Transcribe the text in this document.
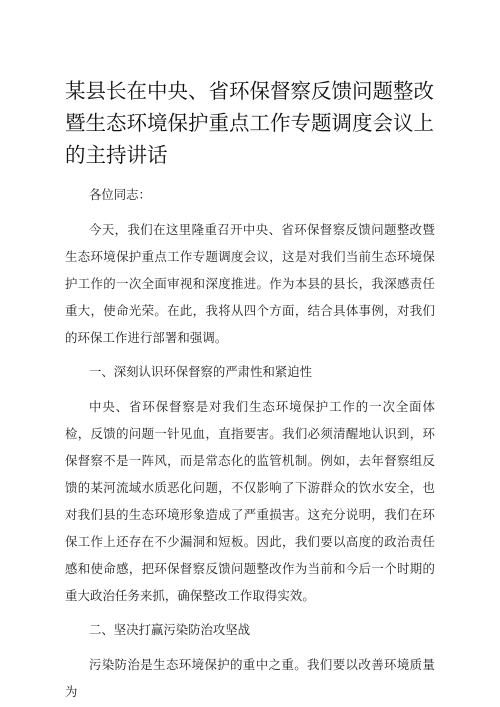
某县长在中央、省环保督察反馈问题整改暨生态环境保护重点工作专题调度会议上的主持讲话

各位同志：

今天，我们在这里隆重召开中央、省环保督察反馈问题整改暨生态环境保护重点工作专题调度会议，这是对我们当前生态环境保护工作的一次全面审视和深度推进。作为本县的县长，我深感责任重大，使命光荣。在此，我将从四个方面，结合具体事例，对我们的环保工作进行部署和强调。

一、深刻认识环保督察的严肃性和紧迫性

中央、省环保督察是对我们生态环境保护工作的一次全面体检，反馈的问题一针见血，直指要害。我们必须清醒地认识到，环保督察不是一阵风，而是常态化的监管机制。例如，去年督察组反馈的某河流域水质恶化问题，不仅影响了下游群众的饮水安全，也对我们县的生态环境形象造成了严重损害。这充分说明，我们在环保工作上还存在不少漏洞和短板。因此，我们要以高度的政治责任感和使命感，把环保督察反馈问题整改作为当前和今后一个时期的重大政治任务来抓，确保整改工作取得实效。

二、坚决打赢污染防治攻坚战

污染防治是生态环境保护的重中之重。我们要以改善环境质量为
